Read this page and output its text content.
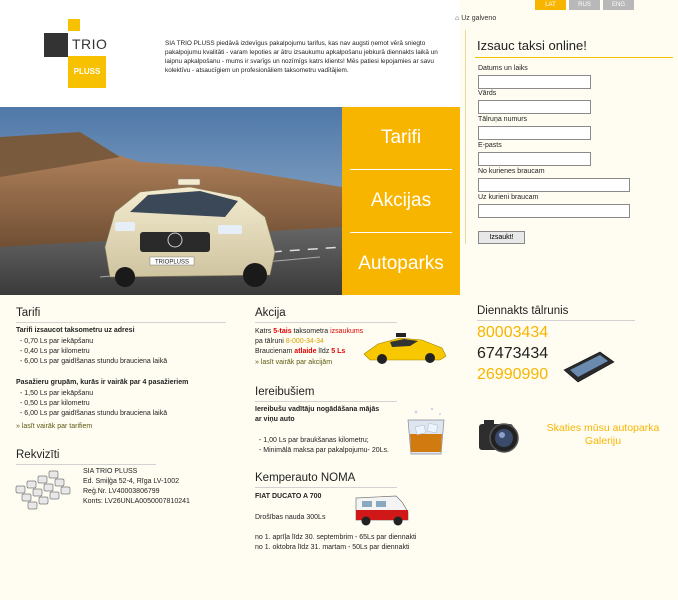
TRIO
PLUSS
SIA TRIO PLUSS piedāvā izdevīgus pakalpojumu tarifus, kas nav augsti ņemot vērā sniegto pakalpojumu kvalitāti - varam lepoties ar ātru izsaukumu apkalpošanu jebkurā diennakts laikā un laipnu apkalpošanu - mums ir svarīgs un nozīmīgs katrs klients! Mēs patiesi lepojamies ar savu kolektīvu - atsaucīgiem un profesionāliem taksometru vadītājiem.
⌂ Uz galveno
LAT	RUS	ENG
Izsauc taksi online!
Datums un laiks
Vārds
Tālruņa numurs
E-pasts
No kurienes braucam
Uz kurieni braucam
Izsaukt!
TRIOPLUSS
Tarifi
Akcijas
Autoparks
Tarifi
Tarifi izsaucot taksometru uz adresi
- 0,70 Ls par iekāpšanu
- 0,40 Ls par kilometru
- 6,00 Ls par gaidīšanas stundu brauciena laikā
Pasažieru grupām, kurās ir vairāk par 4 pasažieriem
- 1,50 Ls par iekāpšanu
- 0,50 Ls par kilometru
- 6,00 Ls par gaidīšanas stundu brauciena laikā
» lasīt vairāk par tarifiem
Rekvizīti
SIA TRIO PLUSS
Ed. Smiļģa 52-4, Rīga LV-1002
Reģ.Nr. LV40003806799
Konts: LV26UNLA0050007810241
Akcija
Katrs 5-tais taksometra izsaukums
pa tālruni 8-000-34-34
Braucienam atlaide līdz 5 Ls
» lasīt vairāk par akcijām
Iereibušiem
Iereibušu vadītāju nogādāšana mājās
ar viņu auto
- 1,00 Ls par braukšanas kilometru;
- Minimālā maksa par pakalpojumu- 20Ls.
Kemperauto NOMA
FIAT DUCATO A 700
Drošības nauda 300Ls
no 1. aprīļa līdz 30. septembrim - 65Ls par diennakti
no 1. oktobra līdz 31. martam - 50Ls par diennakti
Diennakts tālrunis
80003434
67473434
26990990
Skaties mūsu autoparka
Galeriju
